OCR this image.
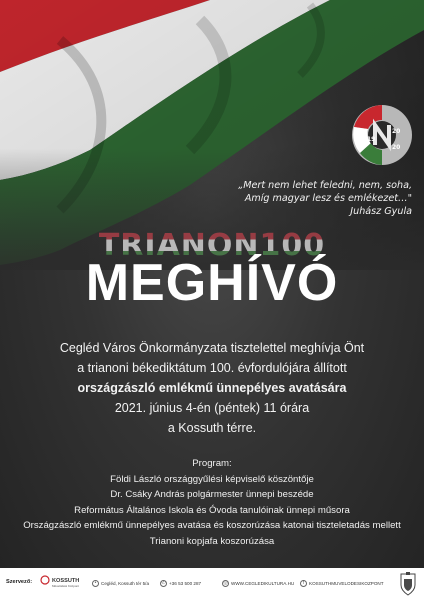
19
20
20
„Mert nem lehet feledni, nem, soha,
Amíg magyar lesz és emlékezet…"
Juhász Gyula
TRIANON100
MEGHÍVÓ
Cegléd Város Önkormányzata tisztelettel meghívja Önt
a trianoni békediktátum 100. évfordulójára állított
országzászló emlékmű ünnepélyes avatására
2021. június 4-én (péntek) 11 órára
a Kossuth térre.
Program:
Földi László országgyűlési képviselő köszöntője
Dr. Csáky András polgármester ünnepi beszéde
Református Általános Iskola és Óvoda tanulóinak ünnepi műsora
Országzászló emlékmű ünnepélyes avatása és koszorúzása katonai tiszteletadás mellett
Trianoni kopjafa koszorúzása
Szervező:	KOSSUTH
Művelődési Központ	•	Cegléd, Kossuth tér 5/a ✆ +36 53 500 287	◎ WWW.CEGLEDIKULTURA.HU	f	KOSSUTHMUVELODESIKOZPONT
